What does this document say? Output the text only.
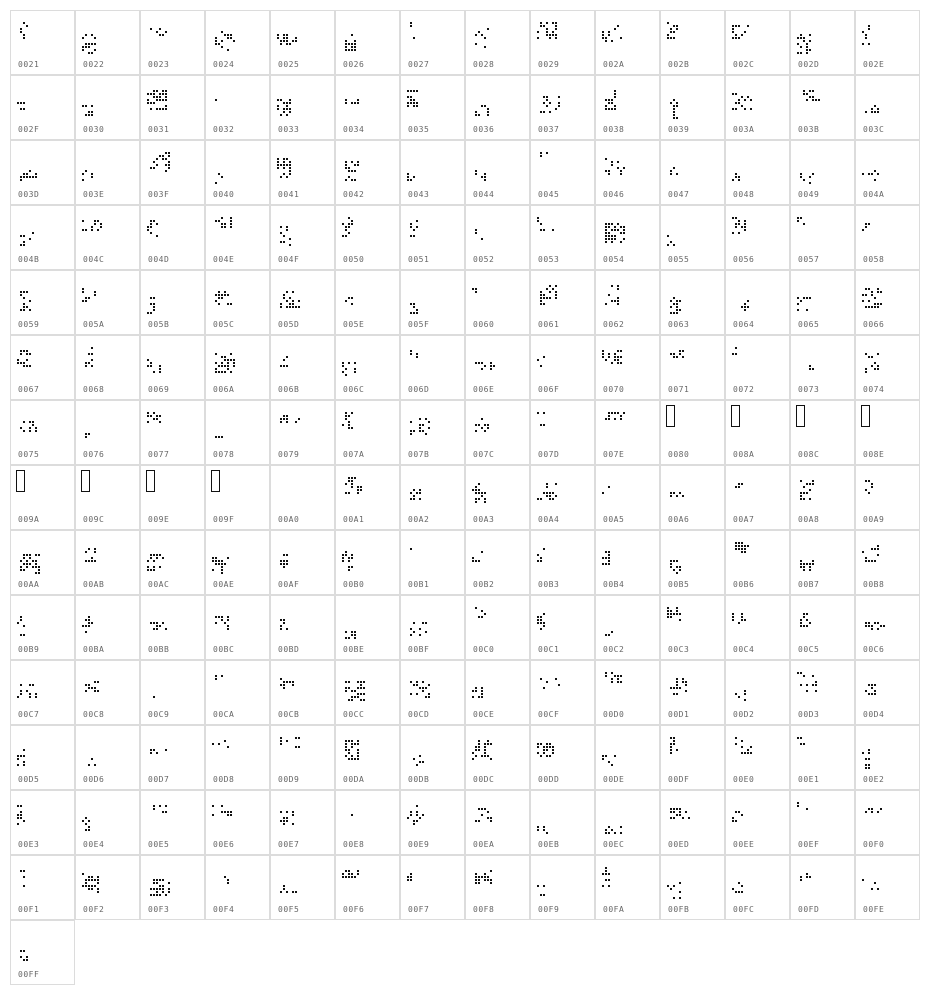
0021	0022	0023	0024	0025	0026	0027	0028	0029	002A	002B	002C	002D	002E
002F	0030	0031	0032	0033	0034	0035	0036	0037	0038	0039	003A	003B	003C
003D	003E	003F	0040	0041	0042	0043	0044	0045	0046	0047	0048	0049	004A
004B	004C	004D	004E	004F	0050	0051	0052	0053	0054	0055	0056	0057	0058
0059	005A	005B	005C	005D	005E	005F	0060	0061	0062	0063	0064	0065	0066
0067	0068	0069	006A	006B	006C	006D	006E	006F	0070	0071	0072	0073	0074
0075	0076	0077	0078	0079	007A	007B	007C	007D	007E	0080	008A	008C	008E
009A	009C	009E	009F	00A0	00A1	00A2	00A3	00A4	00A5	00A6	00A7	00A8	00A9
00AA	00AB	00AC	00AE	00AF	00B0	00B1	00B2	00B3	00B4	00B5	00B6	00B7	00B8
00B9	00BA	00BB	00BC	00BD	00BE	00BF	00C0	00C1	00C2	00C3	00C4	00C5	00C6
00C7	00C8	00C9	00CA	00CB	00CC	00CD	00CE	00CF	00D0	00D1	00D2	00D3	00D4
00D5	00D6	00D7	00D8	00D9	00DA	00DB	00DC	00DD	00DE	00DF	00E0	00E1	00E2
00E3	00E4	00E5	00E6	00E7	00E8	00E9	00EA	00EB	00EC	00ED	00EE	00EF	00F0
00F1	00F2	00F3	00F4	00F5	00F6	00F7	00F8	00F9	00FA	00FB	00FC	00FD	00FE
00FF
